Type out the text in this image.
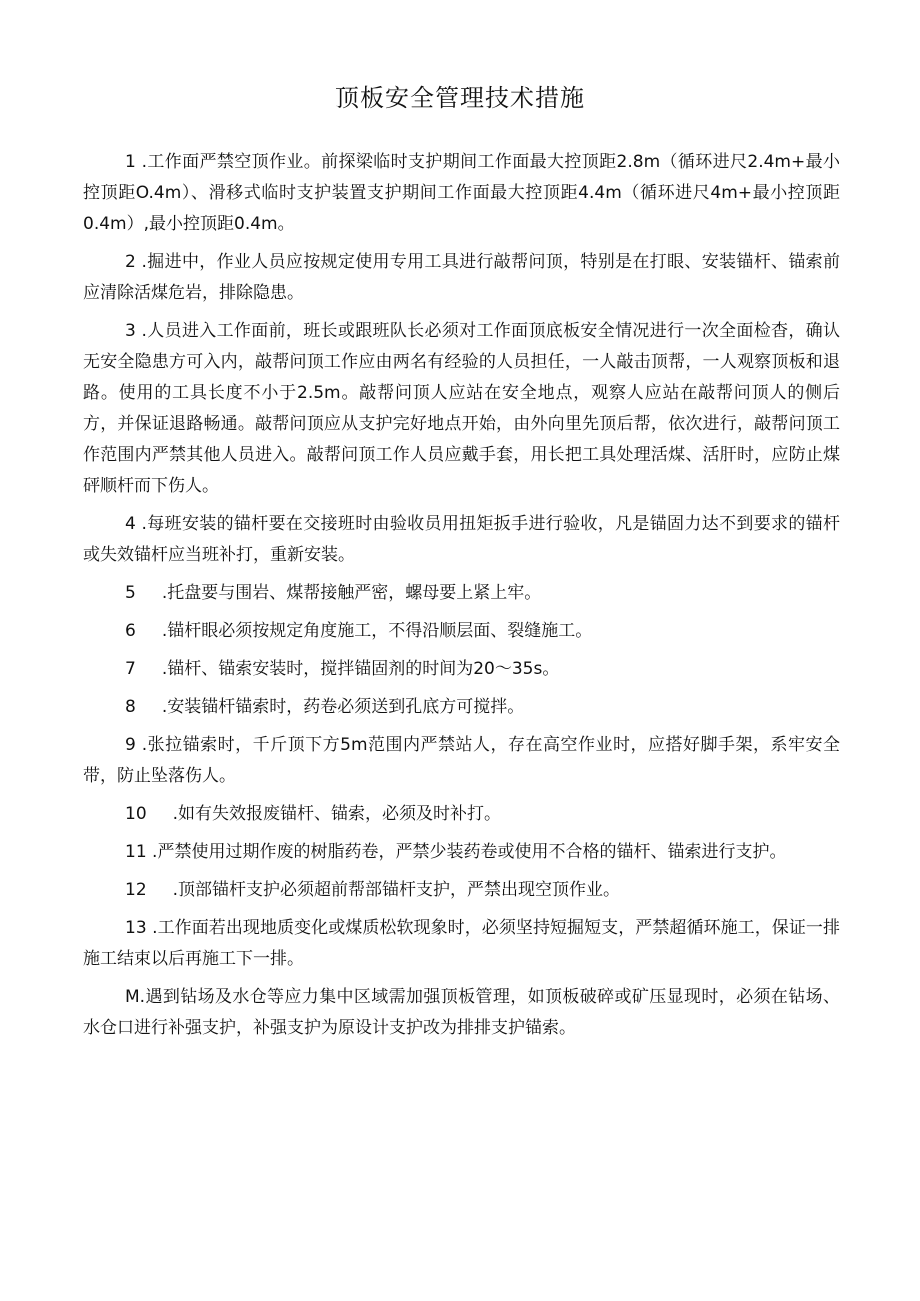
顶板安全管理技术措施

1 .工作面严禁空顶作业。前探梁临时支护期间工作面最大控顶距2.8m（循环进尺2.4m+最小控顶距O.4m）、滑移式临时支护装置支护期间工作面最大控顶距4.4m（循环进尺4m+最小控顶距0.4m）,最小控顶距0.4m。

2 .掘进中，作业人员应按规定使用专用工具进行敲帮问顶，特别是在打眼、安装锚杆、锚索前应清除活煤危岩，排除隐患。

3 .人员进入工作面前，班长或跟班队长必须对工作面顶底板安全情况进行一次全面检杳，确认无安全隐患方可入内，敲帮问顶工作应由两名有经验的人员担任，一人敲击顶帮，一人观察顶板和退路。使用的工具长度不小于2.5m。敲帮问顶人应站在安全地点，观察人应站在敲帮问顶人的侧后方，并保证退路畅通。敲帮问顶应从支护完好地点开始，由外向里先顶后帮，依次进行，敲帮问顶工作范围内严禁其他人员进入。敲帮问顶工作人员应戴手套，用长把工具处理活煤、活肝时，应防止煤砰顺杆而下伤人。

4 .每班安装的锚杆要在交接班时由验收员用扭矩扳手进行验收，凡是锚固力达不到要求的锚杆或失效锚杆应当班补打，重新安装。

5 .托盘要与围岩、煤帮接触严密，螺母要上紧上牢。

6 .锚杆眼必须按规定角度施工，不得沿顺层面、裂缝施工。

7 .锚杆、锚索安装时，搅拌锚固剂的时间为20〜35s。

8 .安装锚杆锚索时，药卷必须送到孔底方可搅拌。

9 .张拉锚索时，千斤顶下方5m范围内严禁站人，存在高空作业时，应搭好脚手架，系牢安全带，防止坠落伤人。

10 .如有失效报废锚杆、锚索，必须及时补打。

11 .严禁使用过期作废的树脂药卷，严禁少装药卷或使用不合格的锚杆、锚索进行支护。

12 .顶部锚杆支护必须超前帮部锚杆支护，严禁出现空顶作业。

13 .工作面若出现地质变化或煤质松软现象时，必须坚持短掘短支，严禁超循环施工，保证一排施工结束以后再施工下一排。

M.遇到钻场及水仓等应力集中区域需加强顶板管理，如顶板破碎或矿压显现时，必须在钻场、水仓口进行补强支护，补强支护为原设计支护改为排排支护锚索。
